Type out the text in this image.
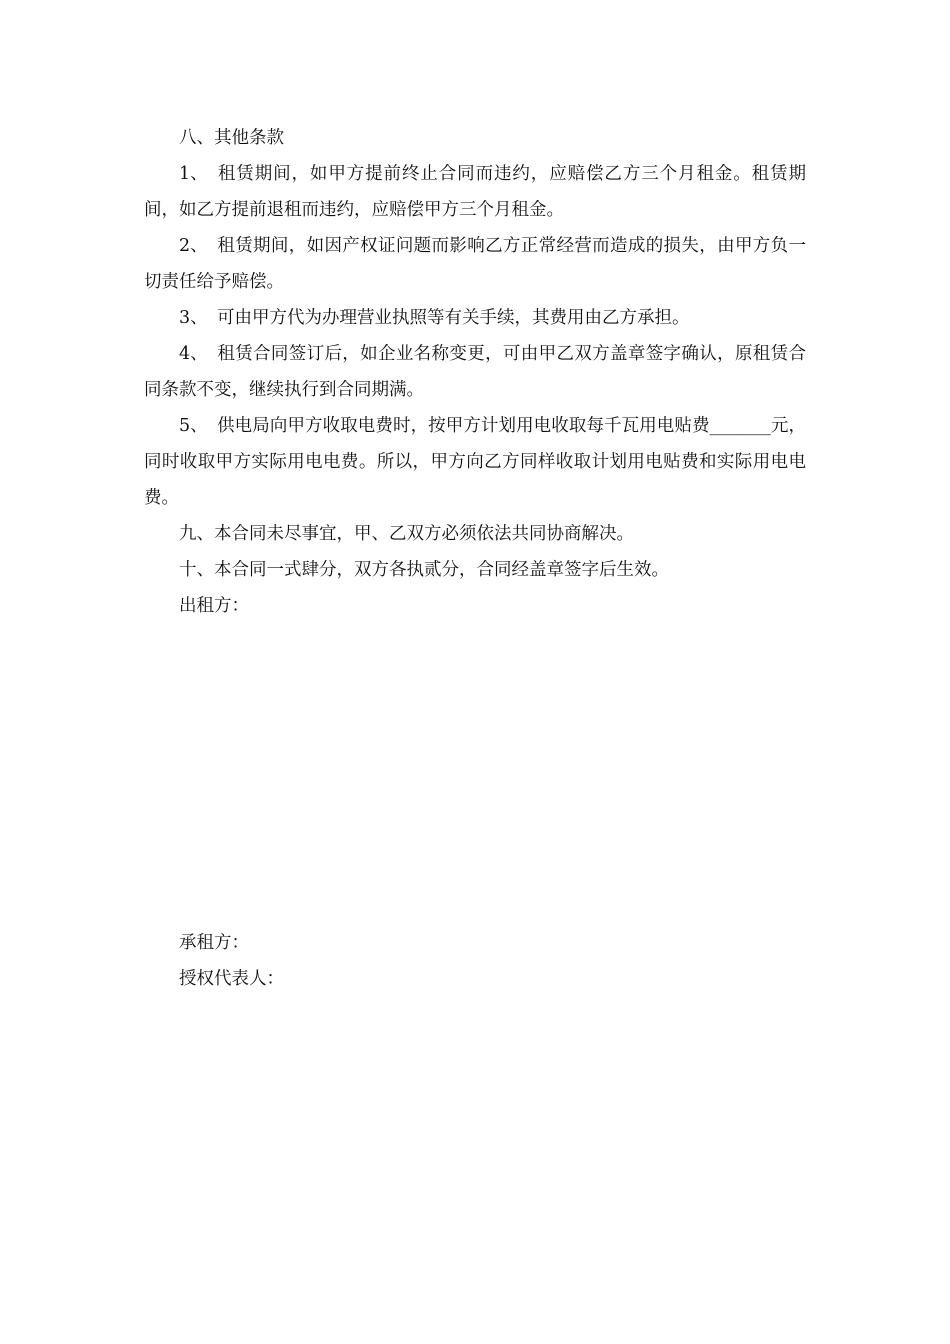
八、其他条款

1、 租赁期间，如甲方提前终止合同而违约，应赔偿乙方三个月租金。租赁期间，如乙方提前退租而违约，应赔偿甲方三个月租金。

2、 租赁期间，如因产权证问题而影响乙方正常经营而造成的损失，由甲方负一切责任给予赔偿。

3、 可由甲方代为办理营业执照等有关手续，其费用由乙方承担。

4、 租赁合同签订后，如企业名称变更，可由甲乙双方盖章签字确认，原租赁合同条款不变，继续执行到合同期满。

5、 供电局向甲方收取电费时，按甲方计划用电收取每千瓦用电贴费_______元，同时收取甲方实际用电电费。所以，甲方向乙方同样收取计划用电贴费和实际用电电费。

九、本合同未尽事宜，甲、乙双方必须依法共同协商解决。

十、本合同一式肆分，双方各执贰分，合同经盖章签字后生效。

出租方：

承租方：

授权代表人：
